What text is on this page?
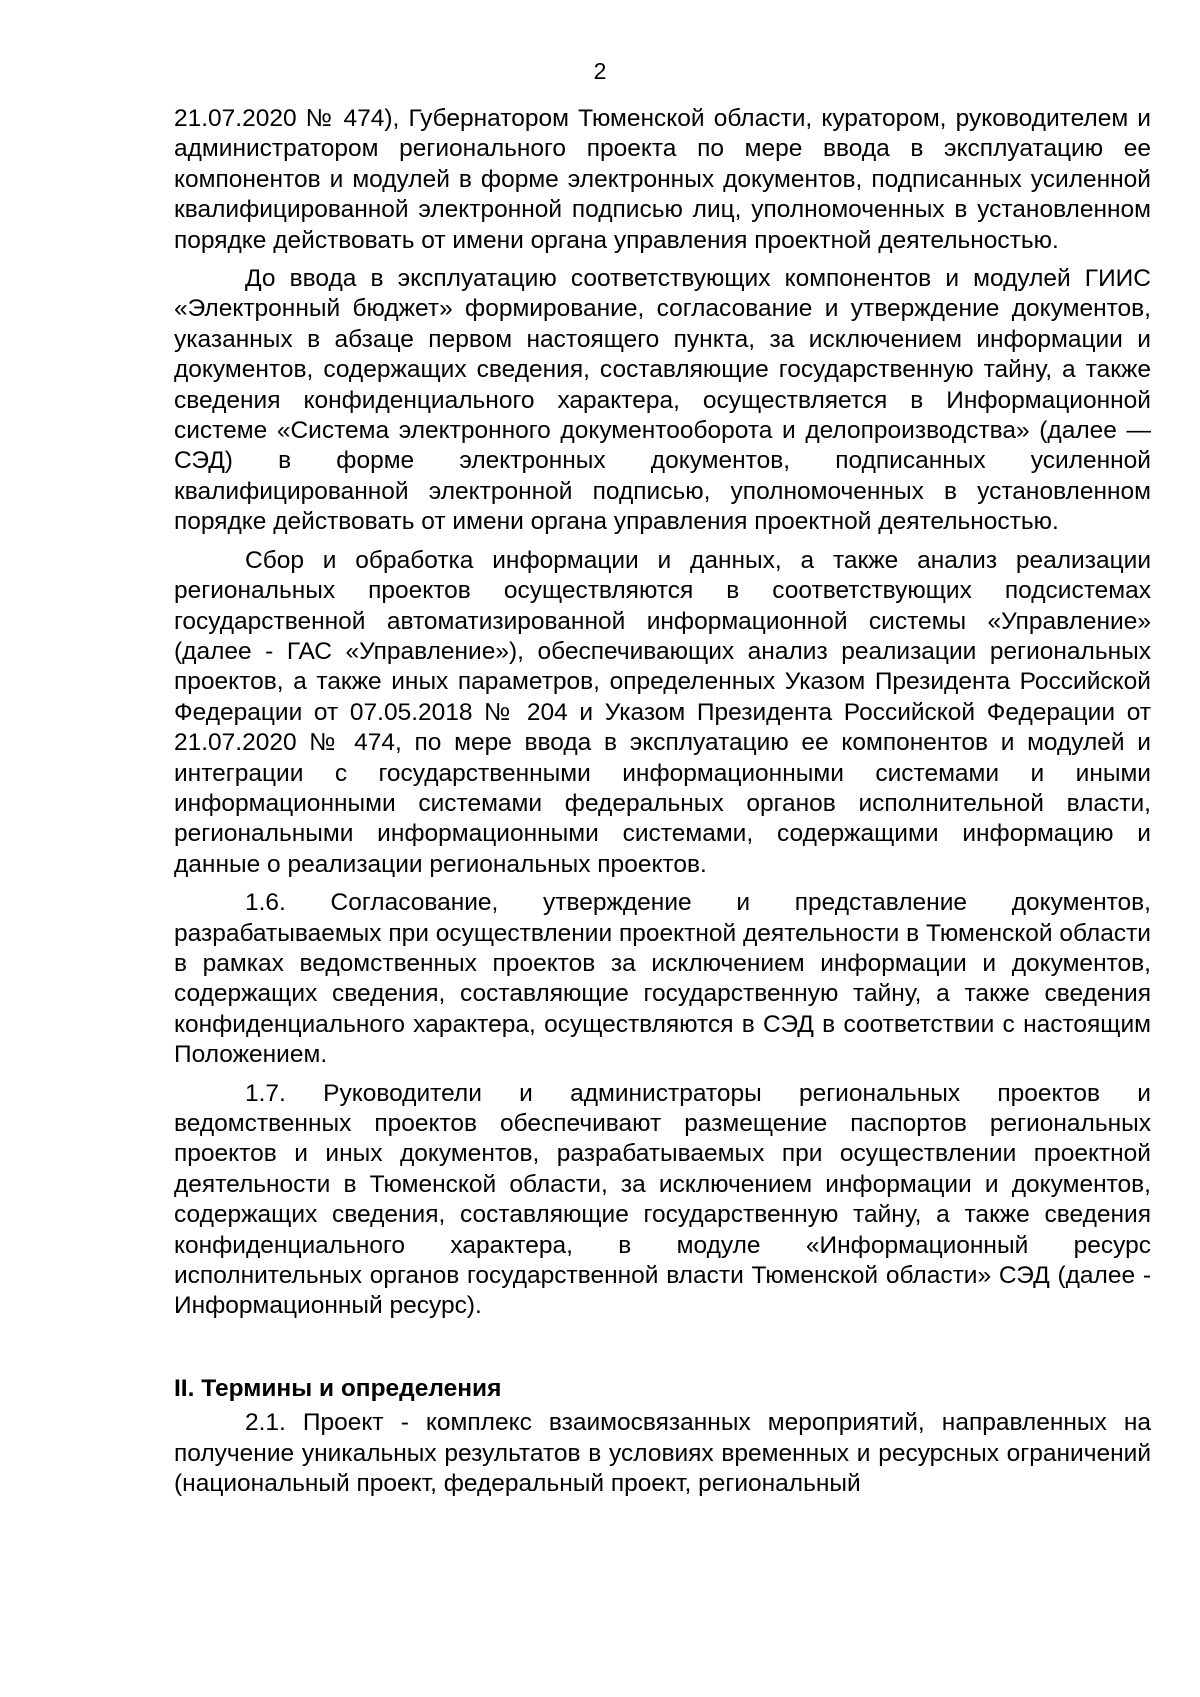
2

21.07.2020 № 474), Губернатором Тюменской области, куратором, руководителем и администратором регионального проекта по мере ввода в эксплуатацию ее компонентов и модулей в форме электронных документов, подписанных усиленной квалифицированной электронной подписью лиц, уполномоченных в установленном порядке действовать от имени органа управления проектной деятельностью.

До ввода в эксплуатацию соответствующих компонентов и модулей ГИИС «Электронный бюджет» формирование, согласование и утверждение документов, указанных в абзаце первом настоящего пункта, за исключением информации и документов, содержащих сведения, составляющие государственную тайну, а также сведения конфиденциального характера, осуществляется в Информационной системе «Система электронного документооборота и делопроизводства» (далее — СЭД) в форме электронных документов, подписанных усиленной квалифицированной электронной подписью, уполномоченных в установленном порядке действовать от имени органа управления проектной деятельностью.

Сбор и обработка информации и данных, а также анализ реализации региональных проектов осуществляются в соответствующих подсистемах государственной автоматизированной информационной системы «Управление» (далее - ГАС «Управление»), обеспечивающих анализ реализации региональных проектов, а также иных параметров, определенных Указом Президента Российской Федерации от 07.05.2018 № 204 и Указом Президента Российской Федерации от 21.07.2020 № 474, по мере ввода в эксплуатацию ее компонентов и модулей и интеграции с государственными информационными системами и иными информационными системами федеральных органов исполнительной власти, региональными информационными системами, содержащими информацию и данные о реализации региональных проектов.

1.6. Согласование, утверждение и представление документов, разрабатываемых при осуществлении проектной деятельности в Тюменской области в рамках ведомственных проектов за исключением информации и документов, содержащих сведения, составляющие государственную тайну, а также сведения конфиденциального характера, осуществляются в СЭД в соответствии с настоящим Положением.

1.7. Руководители и администраторы региональных проектов и ведомственных проектов обеспечивают размещение паспортов региональных проектов и иных документов, разрабатываемых при осуществлении проектной деятельности в Тюменской области, за исключением информации и документов, содержащих сведения, составляющие государственную тайну, а также сведения конфиденциального характера, в модуле «Информационный ресурс исполнительных органов государственной власти Тюменской области» СЭД (далее - Информационный ресурс).

II. Термины и определения

2.1. Проект - комплекс взаимосвязанных мероприятий, направленных на получение уникальных результатов в условиях временных и ресурсных ограничений (национальный проект, федеральный проект, региональный
